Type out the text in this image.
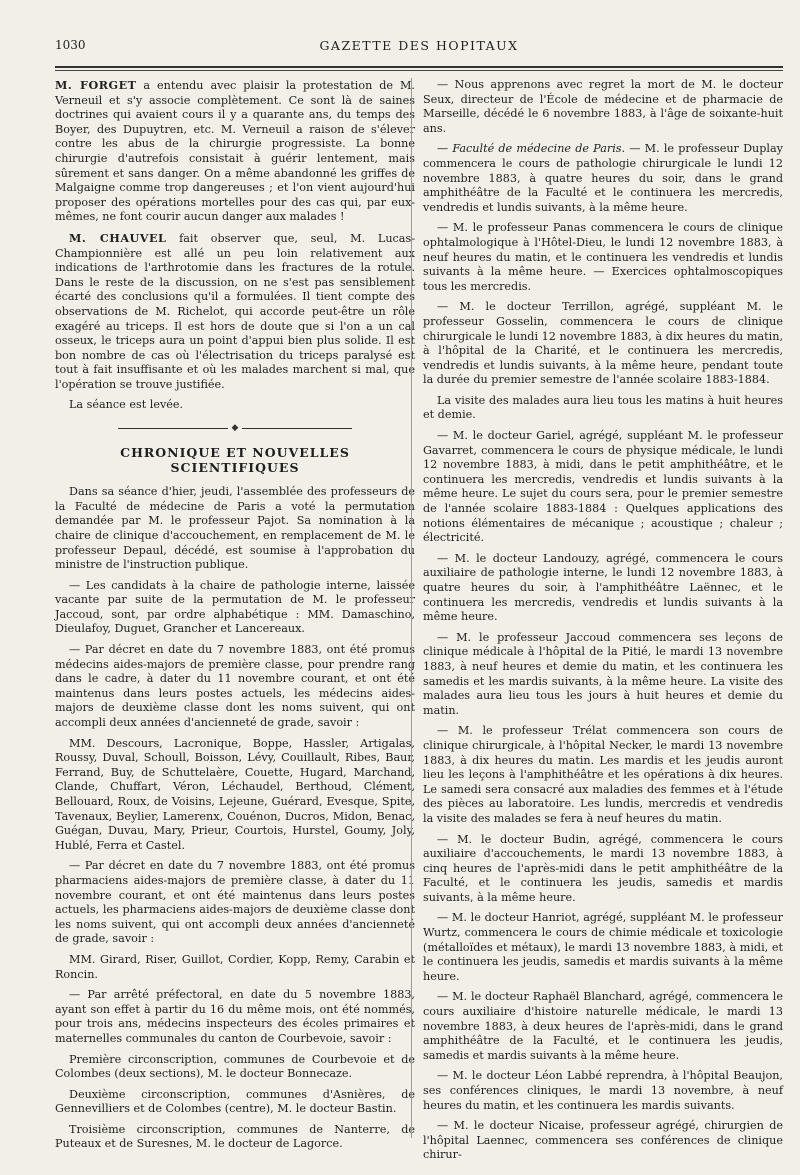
1030	GAZETTE DES HOPITAUX

M. FORGET a entendu avec plaisir la protestation de M. Verneuil et s'y associe complètement. Ce sont là de saines doctrines qui avaient cours il y a quarante ans, du temps des Boyer, des Dupuytren, etc. M. Verneuil a raison de s'élever contre les abus de la chirurgie progressiste. La bonne chirurgie d'autrefois consistait à guérir lentement, mais sûrement et sans danger. On a même abandonné les griffes de Malgaigne comme trop dangereuses ; et l'on vient aujourd'hui proposer des opérations mortelles pour des cas qui, par eux-mêmes, ne font courir aucun danger aux malades !

M. CHAUVEL fait observer que, seul, M. Lucas-Championnière est allé un peu loin relativement aux indications de l'arthrotomie dans les fractures de la rotule. Dans le reste de la discussion, on ne s'est pas sensiblement écarté des conclusions qu'il a formulées. Il tient compte des observations de M. Richelot, qui accorde peut-être un rôle exagéré au triceps. Il est hors de doute que si l'on a un cal osseux, le triceps aura un point d'appui bien plus solide. Il est bon nombre de cas où l'électrisation du triceps paralysé est tout à fait insuffisante et où les malades marchent si mal, que l'opération se trouve justifiée.

La séance est levée.

◆
CHRONIQUE ET NOUVELLES SCIENTIFIQUES

Dans sa séance d'hier, jeudi, l'assemblée des professeurs de la Faculté de médecine de Paris a voté la permutation demandée par M. le professeur Pajot. Sa nomination à la chaire de clinique d'accouchement, en remplacement de M. le professeur Depaul, décédé, est soumise à l'approbation du ministre de l'instruction publique.

— Les candidats à la chaire de pathologie interne, laissée vacante par suite de la permutation de M. le professeur Jaccoud, sont, par ordre alphabétique : MM. Damaschino, Dieulafoy, Duguet, Grancher et Lancereaux.

— Par décret en date du 7 novembre 1883, ont été promus médecins aides-majors de première classe, pour prendre rang dans le cadre, à dater du 11 novembre courant, et ont été maintenus dans leurs postes actuels, les médecins aides-majors de deuxième classe dont les noms suivent, qui ont accompli deux années d'ancienneté de grade, savoir :

MM. Descours, Lacronique, Boppe, Hassler, Artigalas, Roussy, Duval, Schoull, Boisson, Lévy, Couillault, Ribes, Baur, Ferrand, Buy, de Schuttelaère, Couette, Hugard, Marchand, Clande, Chuffart, Véron, Léchaudel, Berthoud, Clément, Bellouard, Roux, de Voisins, Lejeune, Guérard, Evesque, Spite, Tavenaux, Beylier, Lamerenx, Couénon, Ducros, Midon, Benac, Guégan, Duvau, Mary, Prieur, Courtois, Hurstel, Goumy, Joly, Hublé, Ferra et Castel.

— Par décret en date du 7 novembre 1883, ont été promus pharmaciens aides-majors de première classe, à dater du 11 novembre courant, et ont été maintenus dans leurs postes actuels, les pharmaciens aides-majors de deuxième classe dont les noms suivent, qui ont accompli deux années d'ancienneté de grade, savoir :

MM. Girard, Riser, Guillot, Cordier, Kopp, Remy, Carabin et Roncin.

— Par arrêté préfectoral, en date du 5 novembre 1883, ayant son effet à partir du 16 du même mois, ont été nommés, pour trois ans, médecins inspecteurs des écoles primaires et maternelles communales du canton de Courbevoie, savoir :

Première circonscription, communes de Courbevoie et de Colombes (deux sections), M. le docteur Bonnecaze.

Deuxième circonscription, communes d'Asnières, de Gennevilliers et de Colombes (centre), M. le docteur Bastin.

Troisième circonscription, communes de Nanterre, de Puteaux et de Suresnes, M. le docteur de Lagorce.

— Nous apprenons avec regret la mort de M. le docteur Seux, directeur de l'École de médecine et de pharmacie de Marseille, décédé le 6 novembre 1883, à l'âge de soixante-huit ans.

— Faculté de médecine de Paris. — M. le professeur Duplay commencera le cours de pathologie chirurgicale le lundi 12 novembre 1883, à quatre heures du soir, dans le grand amphithéâtre de la Faculté et le continuera les mercredis, vendredis et lundis suivants, à la même heure.

— M. le professeur Panas commencera le cours de clinique ophtalmologique à l'Hôtel-Dieu, le lundi 12 novembre 1883, à neuf heures du matin, et le continuera les vendredis et lundis suivants à la même heure. — Exercices ophtalmoscopiques tous les mercredis.

— M. le docteur Terrillon, agrégé, suppléant M. le professeur Gosselin, commencera le cours de clinique chirurgicale le lundi 12 novembre 1883, à dix heures du matin, à l'hôpital de la Charité, et le continuera les mercredis, vendredis et lundis suivants, à la même heure, pendant toute la durée du premier semestre de l'année scolaire 1883-1884.

La visite des malades aura lieu tous les matins à huit heures et demie.

— M. le docteur Gariel, agrégé, suppléant M. le professeur Gavarret, commencera le cours de physique médicale, le lundi 12 novembre 1883, à midi, dans le petit amphithéâtre, et le continuera les mercredis, vendredis et lundis suivants à la même heure. Le sujet du cours sera, pour le premier semestre de l'année scolaire 1883-1884 : Quelques applications des notions élémentaires de mécanique ; acoustique ; chaleur ; électricité.

— M. le docteur Landouzy, agrégé, commencera le cours auxiliaire de pathologie interne, le lundi 12 novembre 1883, à quatre heures du soir, à l'amphithéâtre Laënnec, et le continuera les mercredis, vendredis et lundis suivants à la même heure.

— M. le professeur Jaccoud commencera ses leçons de clinique médicale à l'hôpital de la Pitié, le mardi 13 novembre 1883, à neuf heures et demie du matin, et les continuera les samedis et les mardis suivants, à la même heure. La visite des malades aura lieu tous les jours à huit heures et demie du matin.

— M. le professeur Trélat commencera son cours de clinique chirurgicale, à l'hôpital Necker, le mardi 13 novembre 1883, à dix heures du matin. Les mardis et les jeudis auront lieu les leçons à l'amphithéâtre et les opérations à dix heures. Le samedi sera consacré aux maladies des femmes et à l'étude des pièces au laboratoire. Les lundis, mercredis et vendredis la visite des malades se fera à neuf heures du matin.

— M. le docteur Budin, agrégé, commencera le cours auxiliaire d'accouchements, le mardi 13 novembre 1883, à cinq heures de l'après-midi dans le petit amphithéâtre de la Faculté, et le continuera les jeudis, samedis et mardis suivants, à la même heure.

— M. le docteur Hanriot, agrégé, suppléant M. le professeur Wurtz, commencera le cours de chimie médicale et toxicologie (métalloïdes et métaux), le mardi 13 novembre 1883, à midi, et le continuera les jeudis, samedis et mardis suivants à la même heure.

— M. le docteur Raphaël Blanchard, agrégé, commencera le cours auxiliaire d'histoire naturelle médicale, le mardi 13 novembre 1883, à deux heures de l'après-midi, dans le grand amphithéâtre de la Faculté, et le continuera les jeudis, samedis et mardis suivants à la même heure.

— M. le docteur Léon Labbé reprendra, à l'hôpital Beaujon, ses conférences cliniques, le mardi 13 novembre, à neuf heures du matin, et les continuera les mardis suivants.

— M. le docteur Nicaise, professeur agrégé, chirurgien de l'hôpital Laennec, commencera ses conférences de clinique chirur-
